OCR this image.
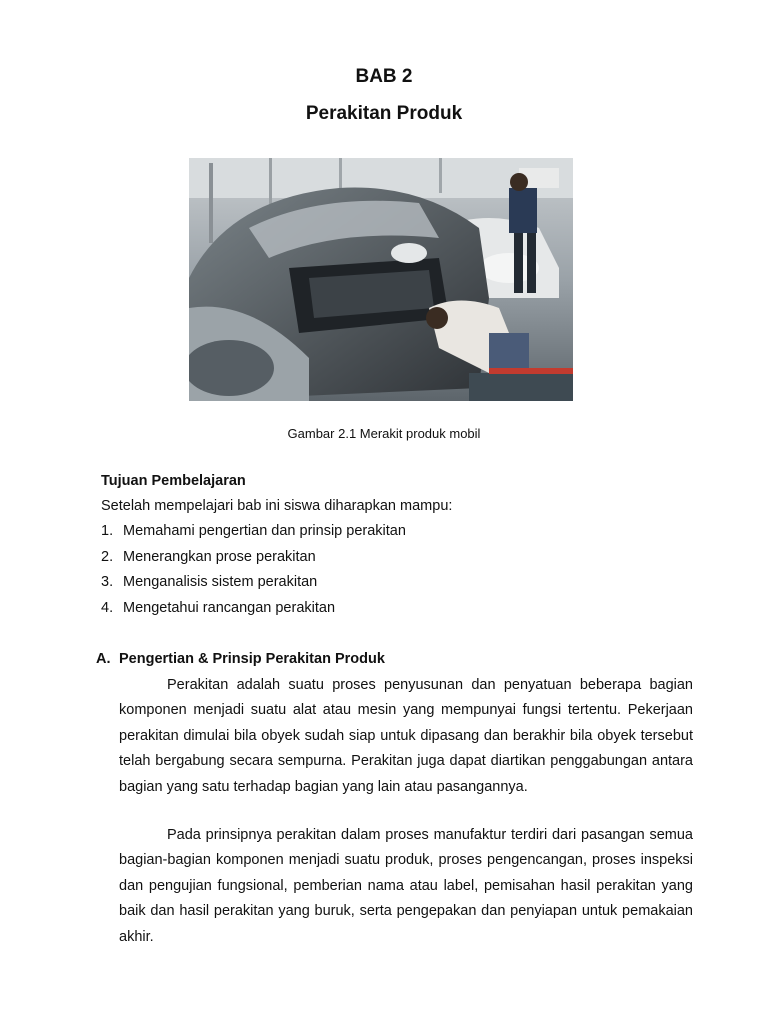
BAB 2
Perakitan Produk
Gambar 2.1 Merakit produk mobil
Tujuan Pembelajaran
Setelah mempelajari bab ini siswa diharapkan mampu:
1. Memahami pengertian dan prinsip perakitan
2. Menerangkan prose perakitan
3. Menganalisis sistem perakitan
4. Mengetahui rancangan perakitan
A. Pengertian & Prinsip Perakitan Produk

Perakitan adalah suatu proses penyusunan dan penyatuan beberapa bagian komponen menjadi suatu alat atau mesin yang mempunyai fungsi tertentu. Pekerjaan perakitan dimulai bila obyek sudah siap untuk dipasang dan berakhir bila obyek tersebut telah bergabung secara sempurna. Perakitan juga dapat diartikan penggabungan antara bagian yang satu terhadap bagian yang lain atau pasangannya.

Pada prinsipnya perakitan dalam proses manufaktur terdiri dari pasangan semua bagian-bagian komponen menjadi suatu produk, proses pengencangan, proses inspeksi dan pengujian fungsional, pemberian nama atau label, pemisahan hasil perakitan yang baik dan hasil perakitan yang buruk, serta pengepakan dan penyiapan untuk pemakaian akhir.
